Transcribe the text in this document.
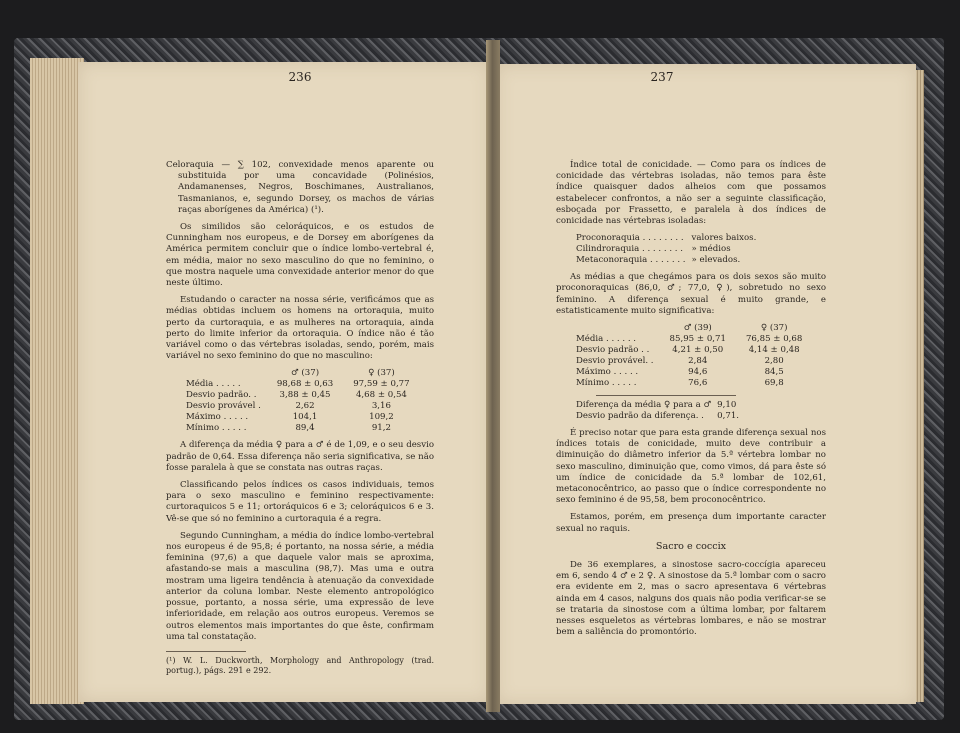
236	237

Celoraquia — ∑ 102, convexidade menos aparente ou substituida por uma concavidade (Polinésios, Andamanenses, Negros, Boschimanes, Australianos, Tasmanianos, e, segundo Dorsey, os machos de várias raças aborígenes da América) (¹).

Os similidos são celoráquicos, e os estudos de Cunningham nos europeus, e de Dorsey em aborígenes da América permitem concluir que o índice lombo-vertebral é, em média, maior no sexo masculino do que no feminino, o que mostra naquele uma convexidade anterior menor do que neste último.

Estudando o caracter na nossa série, verificámos que as médias obtidas incluem os homens na ortoraquia, muito perto da curtoraquia, e as mulheres na ortoraquia, ainda perto do limite inferior da ortoraquia. O índice não é tão variável como o das vértebras isoladas, sendo, porém, mais variável no sexo feminino do que no masculino:

	♂ (37)	♀ (37)
Média . . . . .	98,68 ± 0,63	97,59 ± 0,77
Desvio padrão. .	3,88 ± 0,45	4,68 ± 0,54
Desvio provável .	2,62	3,16
Máximo . . . . .	104,1	109,2
Mínimo . . . . .	89,4	91,2

A diferença da média ♀ para a ♂ é de 1,09, e o seu desvio padrão de 0,64. Essa diferença não seria significativa, se não fosse paralela à que se constata nas outras raças.

Classificando pelos índices os casos individuais, temos para o sexo masculino e feminino respectivamente: curtoraquicos 5 e 11; ortoráquicos 6 e 3; celoráquicos 6 e 3. Vê-se que só no feminino a curtoraquia é a regra.

Segundo Cunningham, a média do índice lombo-vertebral nos europeus é de 95,8; é portanto, na nossa série, a média feminina (97,6) a que daquele valor mais se aproxima, afastando-se mais a masculina (98,7). Mas uma e outra mostram uma ligeira tendência à atenuação da convexidade anterior da coluna lombar. Neste elemento antropológico possue, portanto, a nossa série, uma expressão de leve inferioridade, em relação aos outros europeus. Veremos se outros elementos mais importantes do que êste, confirmam uma tal constatação.

(¹) W. L. Duckworth, Morphology and Anthropology (trad. portug.), págs. 291 e 292.

Índice total de conicidade. — Como para os índices de conicidade das vértebras isoladas, não temos para êste índice quaisquer dados alheios com que possamos estabelecer confrontos, a não ser a seguinte classificação, esboçada por Frassetto, e paralela à dos índices de conicidade nas vértebras isoladas:

Proconoraquia . . . . . . . .	valores baixos.
Cilindroraquia . . . . . . . .	» médios
Metaconoraquia . . . . . . .	» elevados.

As médias a que chegámos para os dois sexos são muito proconoraquicas (86,0, ♂; 77,0, ♀), sobretudo no sexo feminino. A diferença sexual é muito grande, e estatisticamente muito significativa:

	♂ (39)	♀ (37)
Média . . . . . .	85,95 ± 0,71	76,85 ± 0,68
Desvio padrão . .	4,21 ± 0,50	4,14 ± 0,48
Desvio provável. .	2,84	2,80
Máximo . . . . .	94,6	84,5
Mínimo . . . . .	76,6	69,8
Diferença da média ♀ para a ♂	9,10
Desvio padrão da diferença. .	0,71.

É preciso notar que para esta grande diferença sexual nos índices totais de conicidade, muito deve contribuir a diminuição do diâmetro inferior da 5.ª vértebra lombar no sexo masculino, diminuição que, como vimos, dá para êste só um índice de conicidade da 5.ª lombar de 102,61, metaconocêntrico, ao passo que o índice correspondente no sexo feminino é de 95,58, bem proconocêntrico.

Estamos, porém, em presença dum importante caracter sexual no raquis.

Sacro e coccix

De 36 exemplares, a sinostose sacro-coccígia apareceu em 6, sendo 4 ♂ e 2 ♀. A sinostose da 5.ª lombar com o sacro era evidente em 2, mas o sacro apresentava 6 vértebras ainda em 4 casos, nalguns dos quais não podia verificar-se se se trataria da sinostose com a última lombar, por faltarem nesses esqueletos as vértebras lombares, e não se mostrar bem a saliência do promontório.
